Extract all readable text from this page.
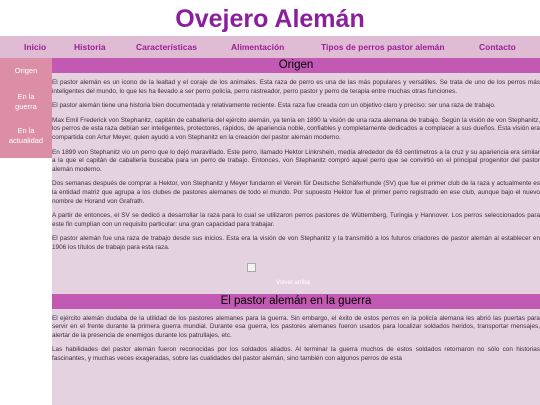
Ovejero Alemán
Inicio	Historia	Características	Alimentación	Tipos de perros pastor alemán	Contacto
Origen
En la guerra
En la actualidad
Origen

El pastor alemán es un icono de la lealtad y el coraje de los animales. Esta raza de perro es una de las más populares y versátiles. Se trata de uno de los perros más inteligentes del mundo, lo que les ha llevado a ser perro policía, perro rastreador, perro pastor y perro de terapia entre muchas otras funciones.

El pastor alemán tiene una historia bien documentada y relativamente reciente. Esta raza fue creada con un objetivo claro y preciso: ser una raza de trabajo.

Max Emil Frederick von Stephanitz, capitán de caballería del ejército alemán, ya tenía en 1890 la visión de una raza alemana de trabajo. Según la visión de von Stephanitz, los perros de esta raza debían ser inteligentes, protectores, rápidos, de apariencia noble, confiables y completamente dedicados a complacer a sus dueños. Esta visión era compartida con Artur Meyer, quien ayudó a von Stephanitz en la creación del pastor alemán moderno.

En 1899 von Stephanitz vio un perro que lo dejó maravillado. Este perro, llamado Hektor Linkrshein, medía alrededor de 63 centímetros a la cruz y su apariencia era similar a la que el capitán de caballería buscaba para un perro de trabajo. Entonces, von Stephanitz compró aquel perro que se convirtió en el principal progenitor del pastor alemán moderno.

Dos semanas después de comprar a Hektor, von Stephanitz y Meyer fundaron el Verein für Deutsche Schäferhunde (SV) que fue el primer club de la raza y actualmente es la entidad matriz que agrupa a los clubes de pastores alemanes de todo el mundo. Por supuesto Hektor fue el primer perro registrado en ese club, aunque bajo el nuevo nombre de Horand von Grafrath.

A partir de entonces, el SV se dedicó a desarrollar la raza para lo cual se utilizaron perros pastores de Wüttemberg, Turingia y Hannover. Los perros seleccionados para este fin cumplían con un requisito particular: una gran capacidad para trabajar.

El pastor alemán fue una raza de trabajo desde sus inicios. Esta era la visión de von Stephanitz y la transmitió a los futuros criadores de pastor alemán al establecer en 1906 los títulos de trabajo para esta raza.

Volver arriba
El pastor alemán en la guerra

El ejército alemán dudaba de la utilidad de los pastores alemanes para la guerra. Sin embargo, el éxito de estos perros en la policía alemana les abrió las puertas para servir en el frente durante la primera guerra mundial. Durante esa guerra, los pastores alemanes fueron usados para localizar soldados heridos, transportar mensajes, alertar de la presencia de enemigos durante los patrullajes, etc.

Las habilidades del pastor alemán fueron reconocidas por los soldados aliados. Al terminar la guerra muchos de estos soldados retornaron no sólo con historias fascinantes, y muchas veces exageradas, sobre las cualidades del pastor alemán, sino también con algunos perros de esta
